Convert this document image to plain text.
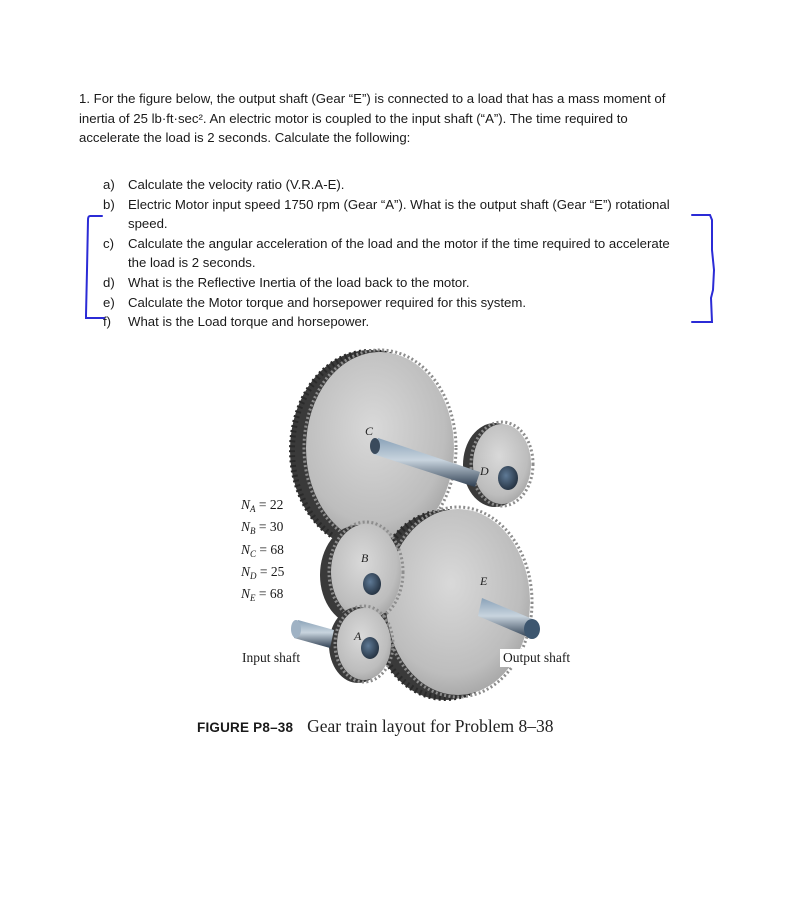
1. For the figure below, the output shaft (Gear “E”) is connected to a load that has a mass moment of

inertia of 25 lb·ft·sec². An electric motor is coupled to the input shaft (“A”). The time required to

accelerate the load is 2 seconds. Calculate the following:

a) Calculate the velocity ratio (V.R.A-E).
b) Electric Motor input speed 1750 rpm (Gear “A”). What is the output shaft (Gear “E”) rotational
speed.
c) Calculate the angular acceleration of the load and the motor if the time required to accelerate
the load is 2 seconds.
d) What is the Reflective Inertia of the load back to the motor.
e) Calculate the Motor torque and horsepower required for this system.
f) What is the Load torque and horsepower.
C
D
B
E
A
$N_A = 22$
$N_B = 30$
$N_C = 68$
$N_D = 25$
$N_E = 68$
Input shaft	Output shaft
FIGURE P8–38 Gear train layout for Problem 8–38
